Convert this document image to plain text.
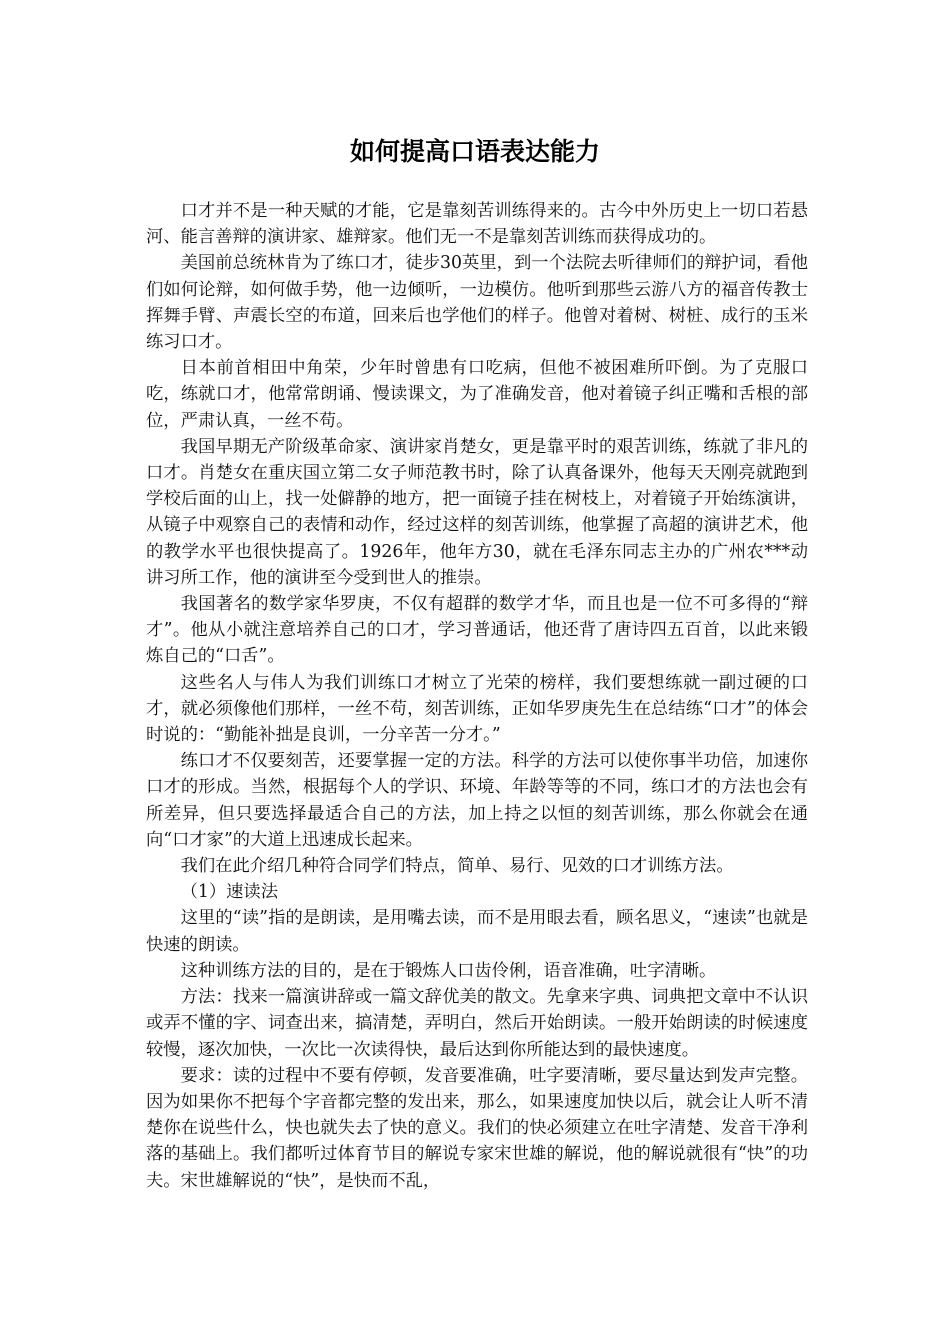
如何提高口语表达能力

口才并不是一种天赋的才能，它是靠刻苦训练得来的。古今中外历史上一切口若悬河、能言善辩的演讲家、雄辩家。他们无一不是靠刻苦训练而获得成功的。

美国前总统林肯为了练口才，徒步30英里，到一个法院去听律师们的辩护词，看他们如何论辩，如何做手势，他一边倾听，一边模仿。他听到那些云游八方的福音传教士挥舞手臂、声震长空的布道，回来后也学他们的样子。他曾对着树、树桩、成行的玉米练习口才。

日本前首相田中角荣，少年时曾患有口吃病，但他不被困难所吓倒。为了克服口吃，练就口才，他常常朗诵、慢读课文，为了准确发音，他对着镜子纠正嘴和舌根的部位，严肃认真，一丝不苟。

我国早期无产阶级革命家、演讲家肖楚女，更是靠平时的艰苦训练，练就了非凡的口才。肖楚女在重庆国立第二女子师范教书时，除了认真备课外，他每天天刚亮就跑到学校后面的山上，找一处僻静的地方，把一面镜子挂在树枝上，对着镜子开始练演讲，从镜子中观察自己的表情和动作，经过这样的刻苦训练，他掌握了高超的演讲艺术，他的教学水平也很快提高了。1926年，他年方30，就在毛泽东同志主办的广州农***动讲习所工作，他的演讲至今受到世人的推崇。

我国著名的数学家华罗庚，不仅有超群的数学才华，而且也是一位不可多得的“辩才”。他从小就注意培养自己的口才，学习普通话，他还背了唐诗四五百首，以此来锻炼自己的“口舌”。

这些名人与伟人为我们训练口才树立了光荣的榜样，我们要想练就一副过硬的口才，就必须像他们那样，一丝不苟，刻苦训练，正如华罗庚先生在总结练“口才”的体会时说的：“勤能补拙是良训，一分辛苦一分才。”

练口才不仅要刻苦，还要掌握一定的方法。科学的方法可以使你事半功倍，加速你口才的形成。当然，根据每个人的学识、环境、年龄等等的不同，练口才的方法也会有所差异，但只要选择最适合自己的方法，加上持之以恒的刻苦训练，那么你就会在通向“口才家”的大道上迅速成长起来。

我们在此介绍几种符合同学们特点，简单、易行、见效的口才训练方法。

（1）速读法

这里的“读”指的是朗读，是用嘴去读，而不是用眼去看，顾名思义，“速读”也就是快速的朗读。

这种训练方法的目的，是在于锻炼人口齿伶俐，语音准确，吐字清晰。

方法：找来一篇演讲辞或一篇文辞优美的散文。先拿来字典、词典把文章中不认识或弄不懂的字、词查出来，搞清楚，弄明白，然后开始朗读。一般开始朗读的时候速度较慢，逐次加快，一次比一次读得快，最后达到你所能达到的最快速度。

要求：读的过程中不要有停顿，发音要准确，吐字要清晰，要尽量达到发声完整。因为如果你不把每个字音都完整的发出来，那么，如果速度加快以后，就会让人听不清楚你在说些什么，快也就失去了快的意义。我们的快必须建立在吐字清楚、发音干净利落的基础上。我们都听过体育节目的解说专家宋世雄的解说，他的解说就很有“快”的功夫。宋世雄解说的“快”，是快而不乱，
